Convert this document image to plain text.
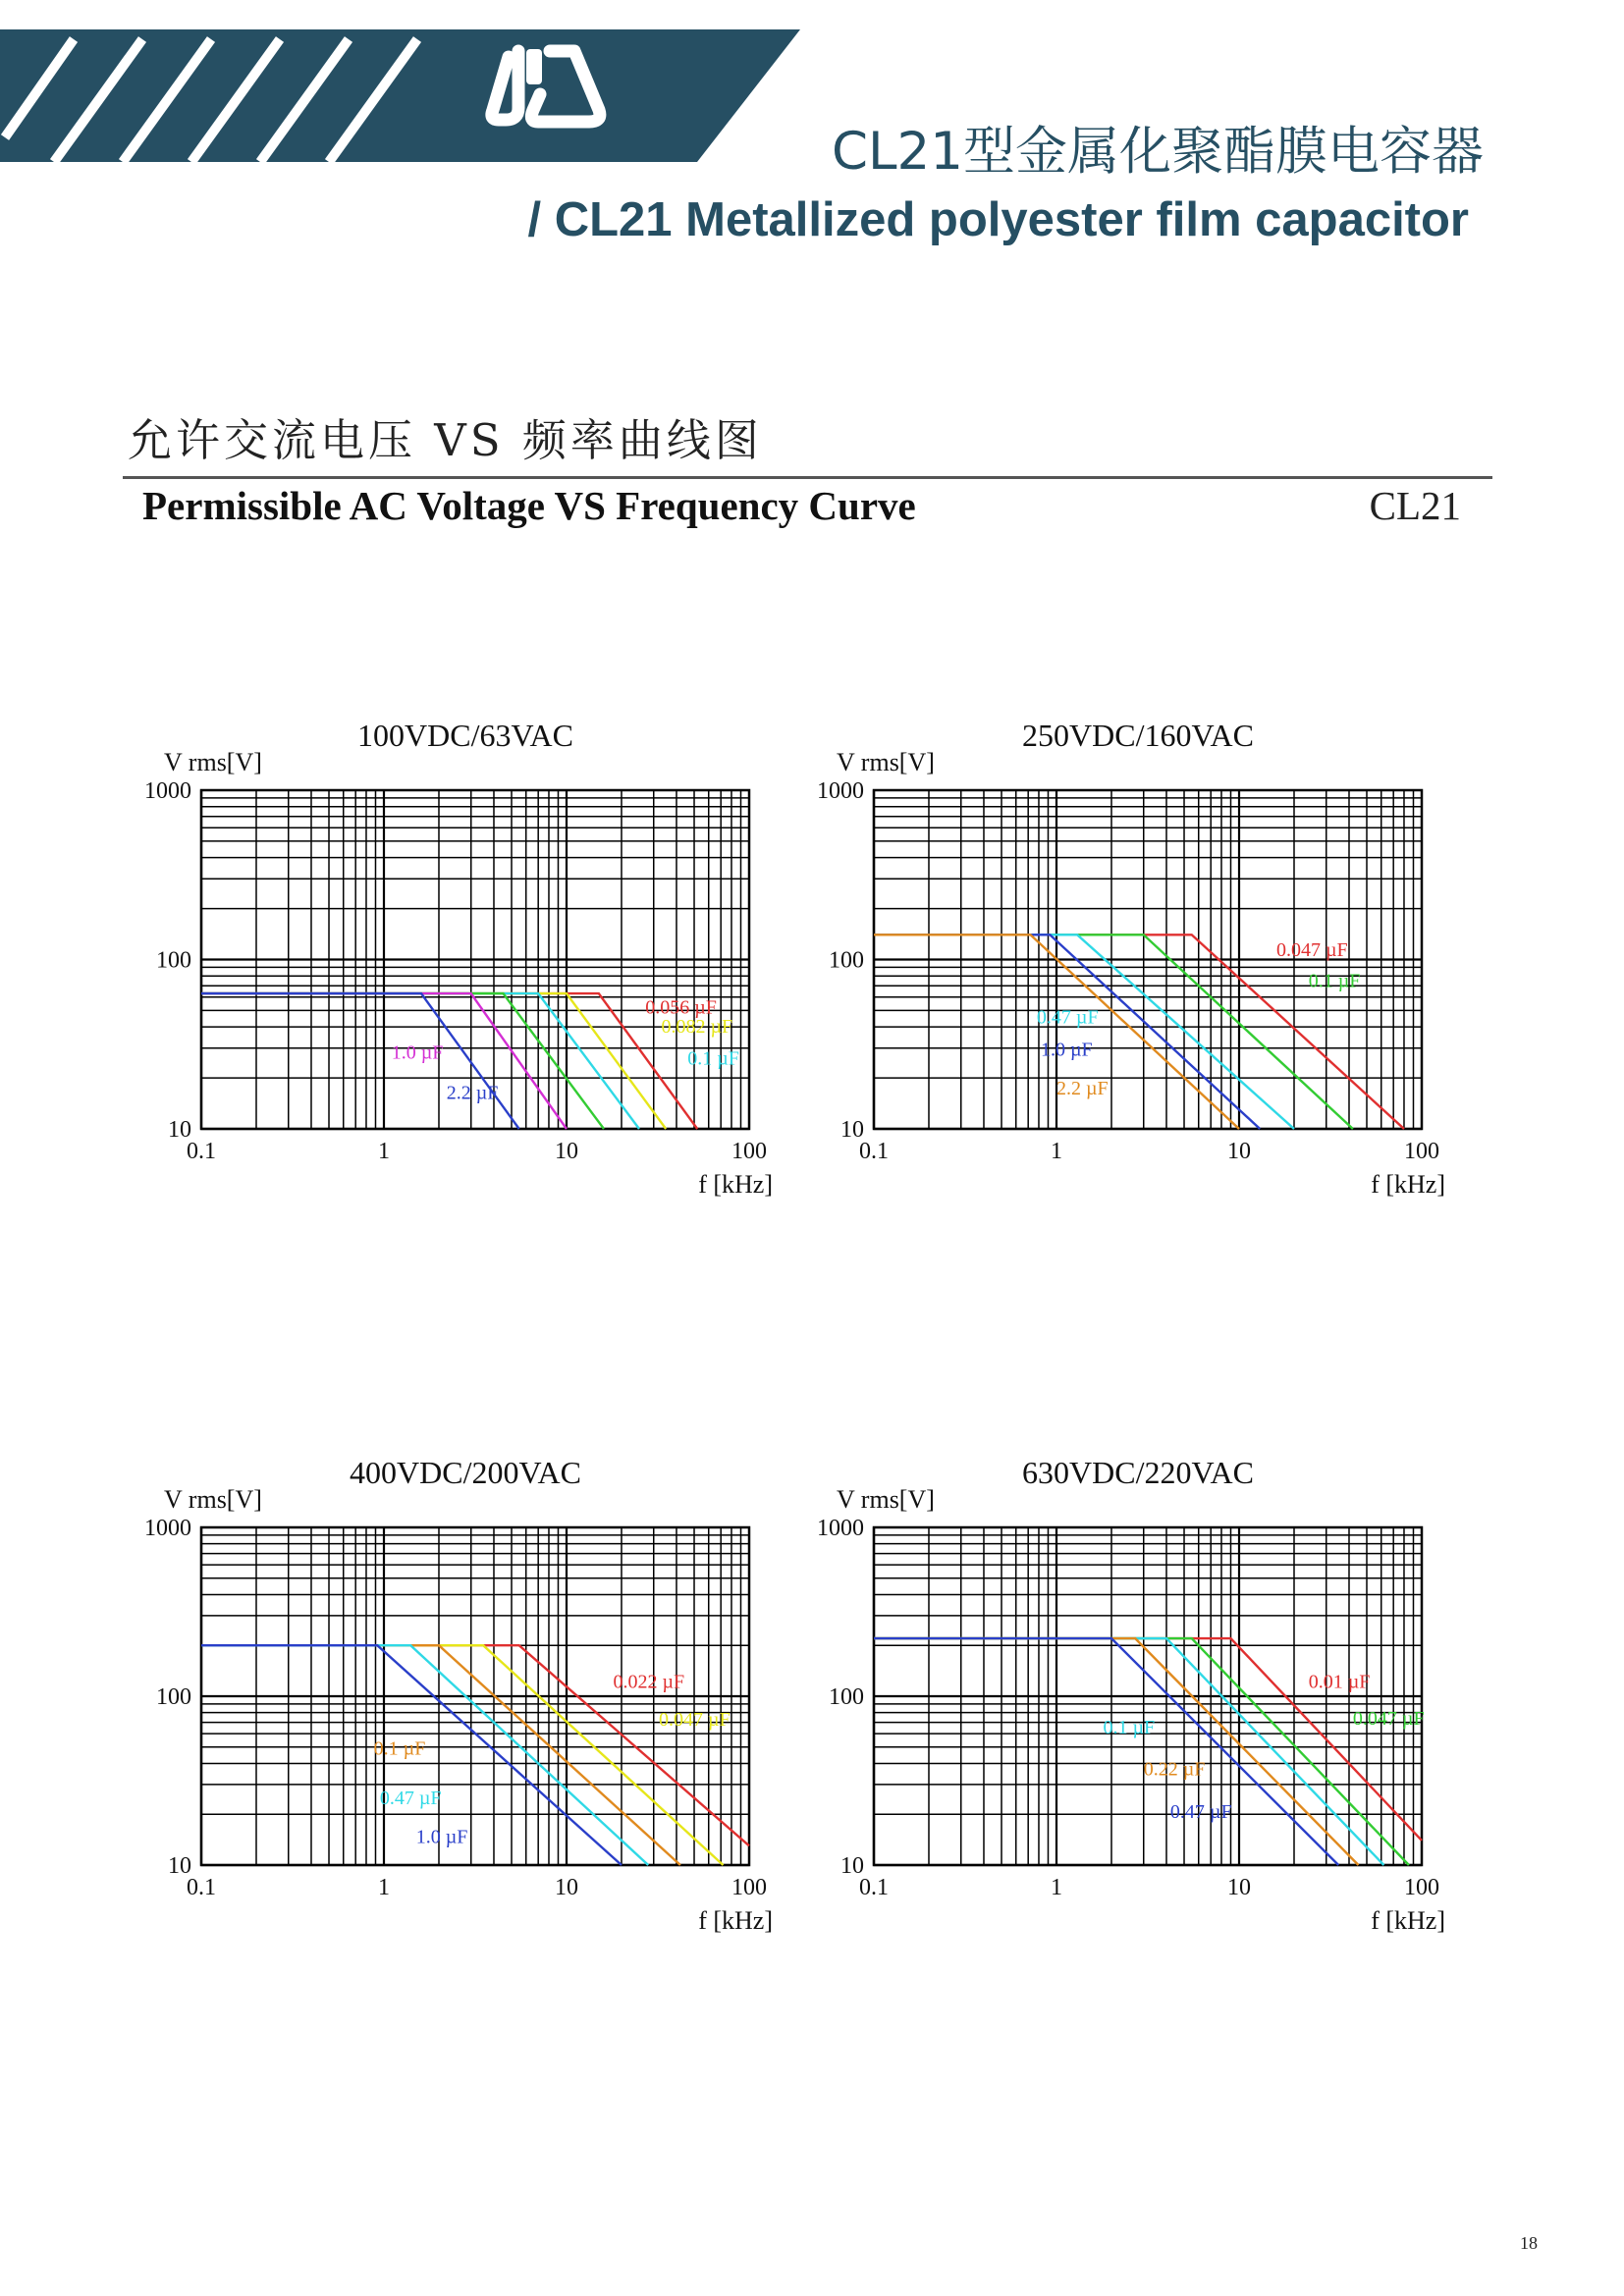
CL21型金属化聚酯膜电容器
/ CL21 Metallized polyester film capacitor
允许交流电压 VS 频率曲线图
Permissible AC Voltage VS Frequency Curve	CL21
0.056 µF
0.082 µF
0.1 µF
1.0 µF
2.2 µF
0.1	1	10	100
10
100
1000
V rms[V]
f [kHz]
100VDC/63VAC
0.047 µF
0.1 µF
0.47 µF
1.0 µF
2.2 µF
0.1	1	10	100
10
100
1000
V rms[V]
f [kHz]
250VDC/160VAC
0.022 µF
0.047 µF
0.1 µF
0.47 µF
1.0 µF
0.1	1	10	100
10
100
1000
V rms[V]
f [kHz]
400VDC/200VAC
0.01 µF
0.047 µF
0.1 µF
0.22 µF
0.47 µF
0.1	1	10	100
10
100
1000
V rms[V]
f [kHz]
630VDC/220VAC
18
